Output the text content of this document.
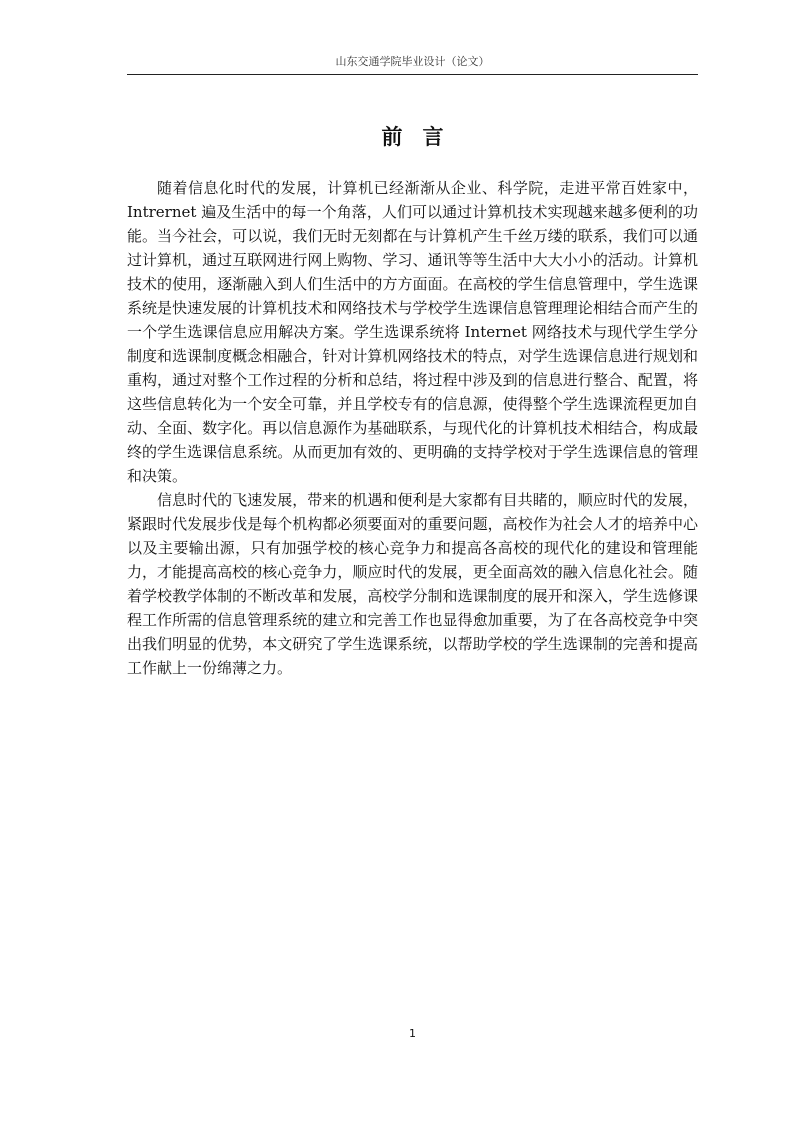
山东交通学院毕业设计（论文）
前言

随着信息化时代的发展，计算机已经渐渐从企业、科学院，走进平常百姓家中，Intrernet 遍及生活中的每一个角落，人们可以通过计算机技术实现越来越多便利的功能。当今社会，可以说，我们无时无刻都在与计算机产生千丝万缕的联系，我们可以通过计算机，通过互联网进行网上购物、学习、通讯等等生活中大大小小的活动。计算机技术的使用，逐渐融入到人们生活中的方方面面。在高校的学生信息管理中，学生选课系统是快速发展的计算机技术和网络技术与学校学生选课信息管理理论相结合而产生的一个学生选课信息应用解决方案。学生选课系统将 Internet 网络技术与现代学生学分制度和选课制度概念相融合，针对计算机网络技术的特点，对学生选课信息进行规划和重构，通过对整个工作过程的分析和总结，将过程中涉及到的信息进行整合、配置，将这些信息转化为一个安全可靠，并且学校专有的信息源，使得整个学生选课流程更加自动、全面、数字化。再以信息源作为基础联系，与现代化的计算机技术相结合，构成最终的学生选课信息系统。从而更加有效的、更明确的支持学校对于学生选课信息的管理和决策。

信息时代的飞速发展，带来的机遇和便利是大家都有目共睹的，顺应时代的发展，紧跟时代发展步伐是每个机构都必须要面对的重要问题，高校作为社会人才的培养中心以及主要输出源，只有加强学校的核心竞争力和提高各高校的现代化的建设和管理能力，才能提高高校的核心竞争力，顺应时代的发展，更全面高效的融入信息化社会。随着学校教学体制的不断改革和发展，高校学分制和选课制度的展开和深入，学生选修课程工作所需的信息管理系统的建立和完善工作也显得愈加重要，为了在各高校竞争中突出我们明显的优势，本文研究了学生选课系统，以帮助学校的学生选课制的完善和提高工作献上一份绵薄之力。

1
